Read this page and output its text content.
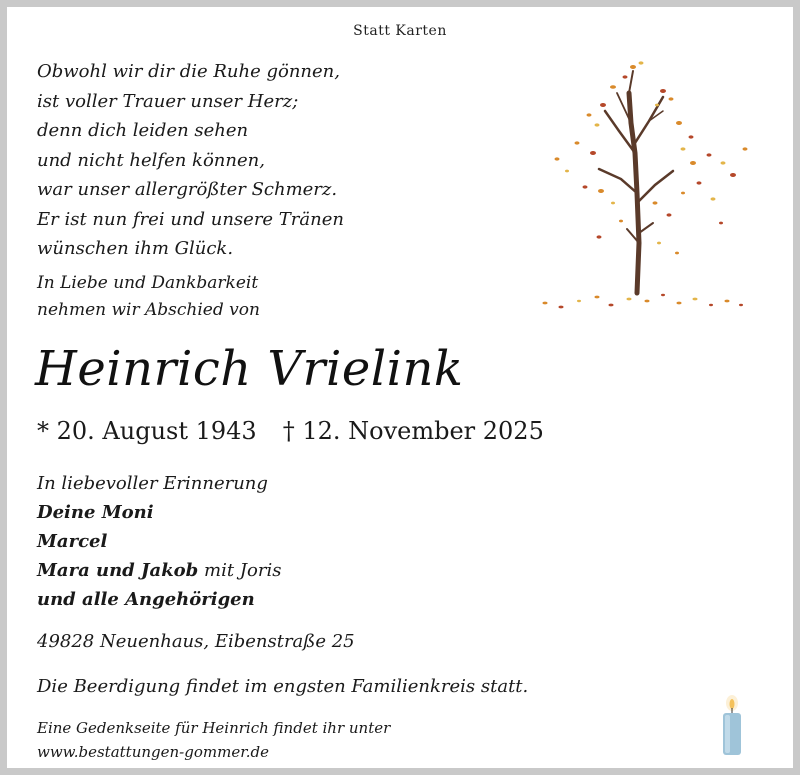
Statt Karten
Obwohl wir dir die Ruhe gönnen,
ist voller Trauer unser Herz;
denn dich leiden sehen
und nicht helfen können,
war unser allergrößter Schmerz.
Er ist nun frei und unsere Tränen
wünschen ihm Glück.
In Liebe und Dankbarkeit
nehmen wir Abschied von
Heinrich Vrielink
* 20. August 1943 † 12. November 2025
In liebevoller Erinnerung
Deine Moni
Marcel
Mara und Jakob mit Joris
und alle Angehörigen
49828 Neuenhaus, Eibenstraße 25
Die Beerdigung findet im engsten Familienkreis statt.
Eine Gedenkseite für Heinrich findet ihr unter
www.bestattungen-gommer.de
